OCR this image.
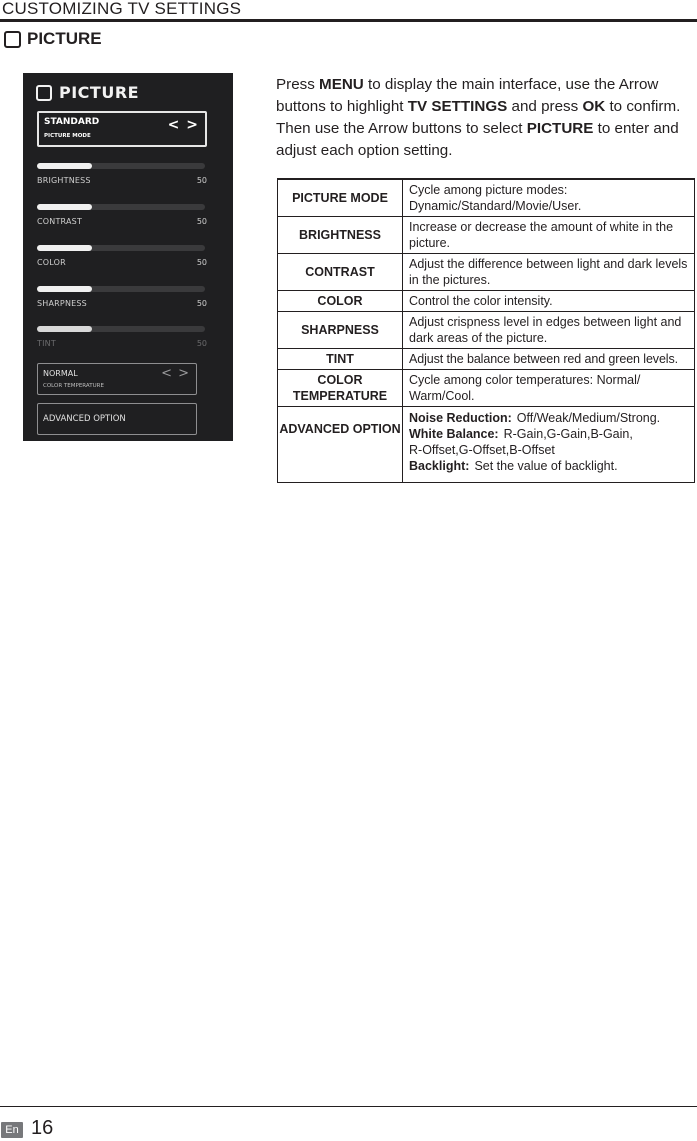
CUSTOMIZING TV SETTINGS
PICTURE
PICTURE
STANDARD
PICTURE MODE
< >
BRIGHTNESS	50
CONTRAST	50
COLOR	50
SHARPNESS	50
TINT	50
NORMAL
COLOR TEMPERATURE
< >
ADVANCED OPTION
Press MENU to display the main interface, use the Arrow buttons to highlight TV SETTINGS and press OK to confirm. Then use the Arrow buttons to select PICTURE to enter and adjust each option setting.
PICTURE MODE	Cycle among picture modes: Dynamic/Standard/Movie/User.
BRIGHTNESS	Increase or decrease the amount of white in the picture.
CONTRAST	Adjust the difference between light and dark levels in the pictures.
COLOR	Control the color intensity.
SHARPNESS	Adjust crispness level in edges between light and dark areas of the picture.
TINT	Adjust the balance between red and green levels.
COLOR TEMPERATURE	Cycle among color temperatures: Normal/ Warm/Cool.
ADVANCED OPTION	Noise Reduction: Off/Weak/Medium/Strong.
White Balance: R-Gain,G-Gain,B-Gain,
R-Offset,G-Offset,B-Offset
Backlight: Set the value of backlight.
En 16
